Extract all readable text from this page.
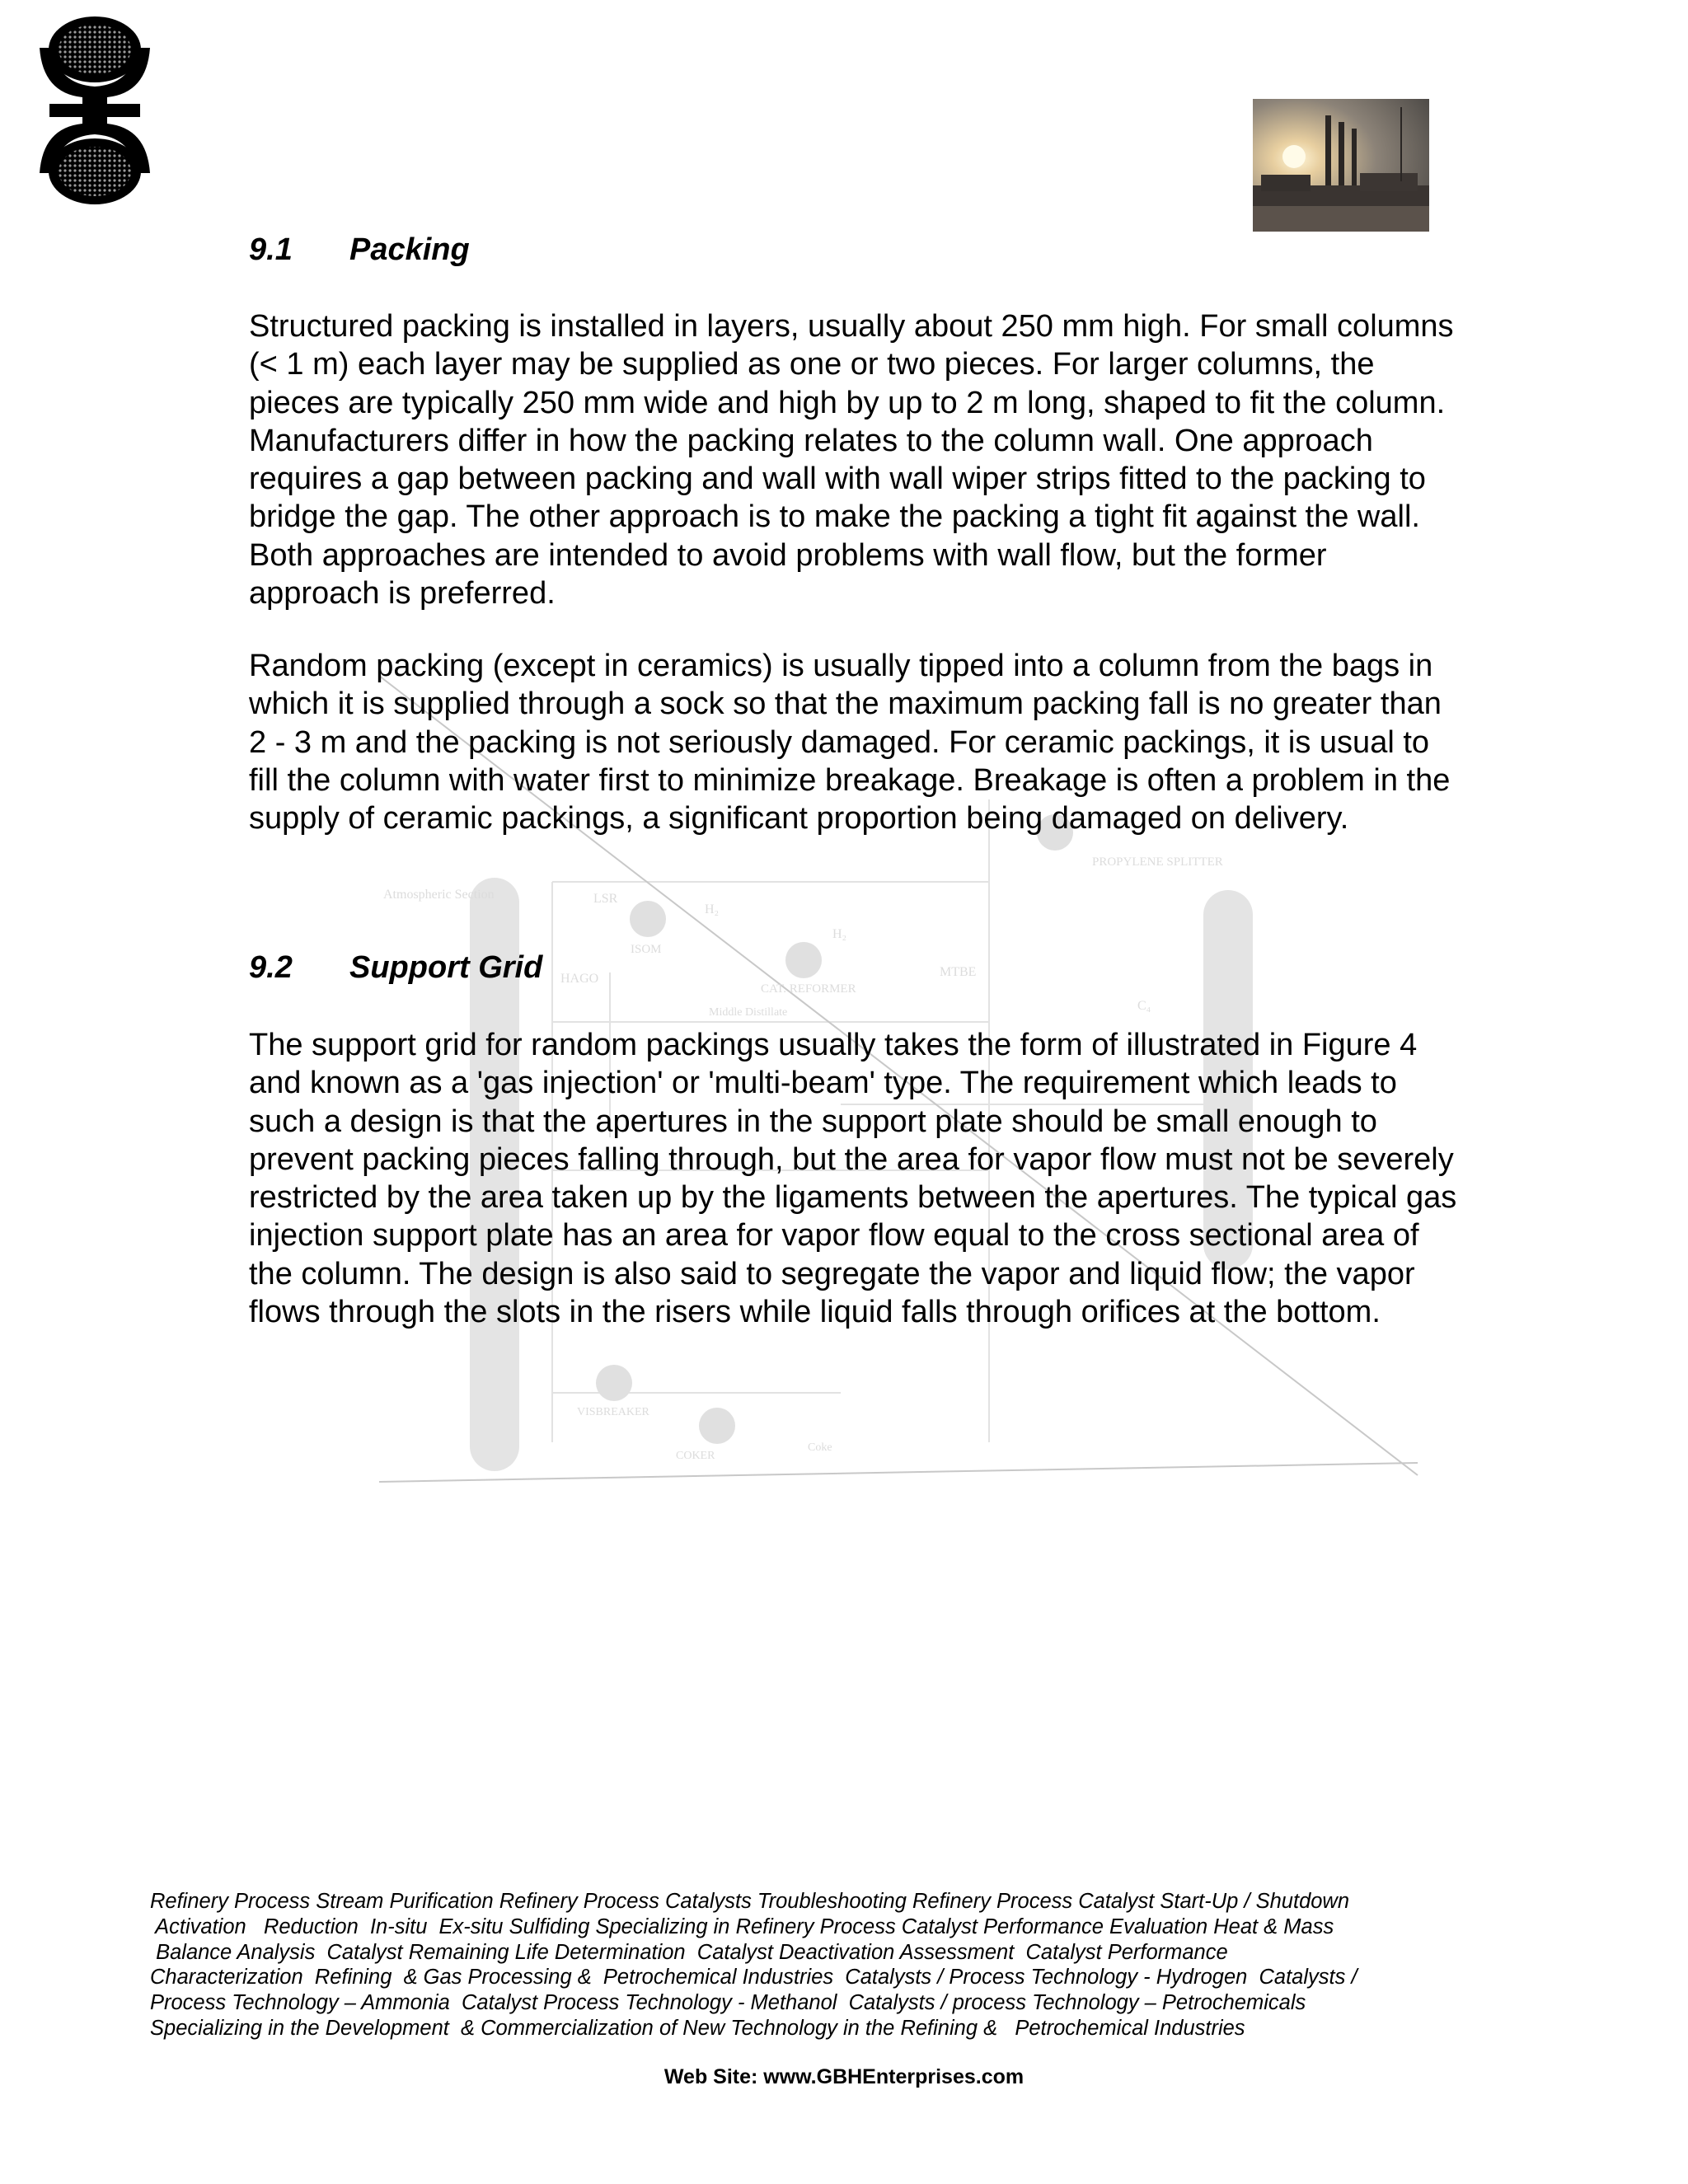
Atmospheric Section	LSR
H₂
ISOM
HAGO
H₂
CAT. REFORMER
MTBE
Middle Distillate
PROPYLENE SPLITTER
C₄
VISBREAKER
COKER
Coke
9.1 Packing

Structured packing is installed in layers, usually about 250 mm high. For small columns (< 1 m) each layer may be supplied as one or two pieces. For larger columns, the pieces are typically 250 mm wide and high by up to 2 m long, shaped to fit the column. Manufacturers differ in how the packing relates to the column wall. One approach requires a gap between packing and wall with wall wiper strips fitted to the packing to bridge the gap. The other approach is to make the packing a tight fit against the wall. Both approaches are intended to avoid problems with wall flow, but the former approach is preferred.

Random packing (except in ceramics) is usually tipped into a column from the bags in which it is supplied through a sock so that the maximum packing fall is no greater than 2 - 3 m and the packing is not seriously damaged. For ceramic packings, it is usual to fill the column with water first to minimize breakage. Breakage is often a problem in the supply of ceramic packings, a significant proportion being damaged on delivery.

9.2 Support Grid

The support grid for random packings usually takes the form of illustrated in Figure 4 and known as a 'gas injection' or 'multi-beam' type. The requirement which leads to such a design is that the apertures in the support plate should be small enough to prevent packing pieces falling through, but the area for vapor flow must not be severely restricted by the area taken up by the ligaments between the apertures. The typical gas injection support plate has an area for vapor flow equal to the cross sectional area of the column. The design is also said to segregate the vapor and liquid flow; the vapor flows through the slots in the risers while liquid falls through orifices at the bottom.

Refinery Process Stream Purification Refinery Process Catalysts Troubleshooting Refinery Process Catalyst Start-Up / Shutdown
Activation   Reduction  In-situ  Ex-situ Sulfiding Specializing in Refinery Process Catalyst Performance Evaluation Heat & Mass
Balance Analysis  Catalyst Remaining Life Determination  Catalyst Deactivation Assessment  Catalyst Performance
Characterization  Refining  & Gas Processing &  Petrochemical Industries  Catalysts / Process Technology - Hydrogen  Catalysts /
Process Technology – Ammonia  Catalyst Process Technology - Methanol  Catalysts / process Technology – Petrochemicals
Specializing in the Development  & Commercialization of New Technology in the Refining &   Petrochemical Industries
Web Site: www.GBHEnterprises.com
